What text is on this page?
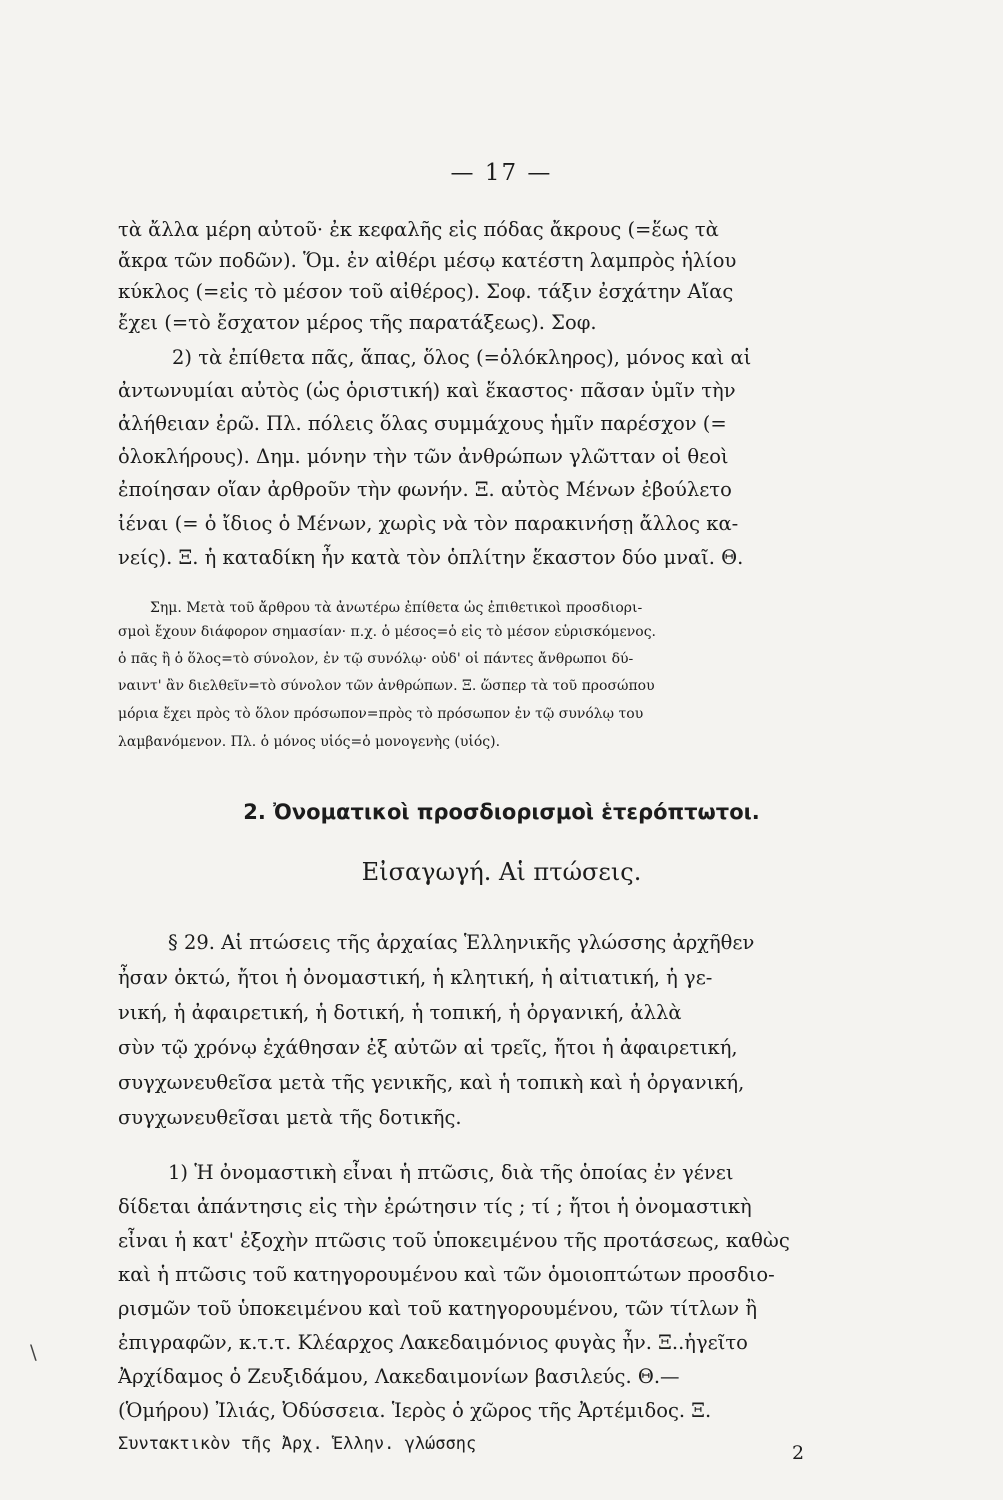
— 17 —
τὰ ἄλλα μέρη αὐτοῦ· ἐκ κεφαλῆς εἰς πόδας ἄκρους (=ἕως τὰ
ἄκρα τῶν ποδῶν). Ὅμ. ἐν αἰθέρι μέσῳ κατέστη λαμπρὸς ἡλίου
κύκλος (=εἰς τὸ μέσον τοῦ αἰθέρος). Σοφ. τάξιν ἐσχάτην Αἴας
ἔχει (=τὸ ἔσχατον μέρος τῆς παρατάξεως). Σοφ.
2) τὰ ἐπίθετα πᾶς, ἅπας, ὅλος (=ὁλόκληρος), μόνος καὶ αἱ
ἀντωνυμίαι αὐτὸς (ὡς ὁριστική) καὶ ἕκαστος· πᾶσαν ὑμῖν τὴν
ἀλήθειαν ἐρῶ. Πλ. πόλεις ὅλας συμμάχους ἡμῖν παρέσχον (=
ὁλοκλήρους). Δημ. μόνην τὴν τῶν ἀνθρώπων γλῶτταν οἱ θεοὶ
ἐποίησαν οἵαν ἀρθροῦν τὴν φωνήν. Ξ. αὐτὸς Μένων ἐβούλετο
ἰέναι (= ὁ ἴδιος ὁ Μένων, χωρὶς νὰ τὸν παρακινήσῃ ἄλλος κα-
νείς). Ξ. ἡ καταδίκη ἦν κατὰ τὸν ὁπλίτην ἕκαστον δύο μναῖ. Θ.
Σημ. Μετὰ τοῦ ἄρθρου τὰ ἀνωτέρω ἐπίθετα ὡς ἐπιθετικοὶ προσδιορι-
σμοὶ ἔχουν διάφορον σημασίαν· π.χ. ὁ μέσος=ὁ εἰς τὸ μέσον εὑρισκόμενος.
ὁ πᾶς ἢ ὁ ὅλος=τὸ σύνολον, ἐν τῷ συνόλῳ· οὐδ' οἱ πάντες ἄνθρωποι δύ-
ναιντ' ἂν διελθεῖν=τὸ σύνολον τῶν ἀνθρώπων. Ξ. ὥσπερ τὰ τοῦ προσώπου
μόρια ἔχει πρὸς τὸ ὅλον πρόσωπον=πρὸς τὸ πρόσωπον ἐν τῷ συνόλῳ του
λαμβανόμενον. Πλ. ὁ μόνος υἱός=ὁ μονογενὴς (υἱός).
2. Ὀνοματικοὶ προσδιορισμοὶ ἑτερόπτωτοι.
Εἰσαγωγή. Αἱ πτώσεις.
§ 29. Αἱ πτώσεις τῆς ἀρχαίας Ἑλληνικῆς γλώσσης ἀρχῆθεν
ἦσαν ὀκτώ, ἤτοι ἡ ὀνομαστική, ἡ κλητική, ἡ αἰτιατική, ἡ γε-
νική, ἡ ἀφαιρετική, ἡ δοτική, ἡ τοπική, ἡ ὀργανική, ἀλλὰ
σὺν τῷ χρόνῳ ἐχάθησαν ἐξ αὐτῶν αἱ τρεῖς, ἤτοι ἡ ἀφαιρετική,
συγχωνευθεῖσα μετὰ τῆς γενικῆς, καὶ ἡ τοπικὴ καὶ ἡ ὀργανική,
συγχωνευθεῖσαι μετὰ τῆς δοτικῆς.
1) Ἡ ὀνομαστικὴ εἶναι ἡ πτῶσις, διὰ τῆς ὁποίας ἐν γένει
δίδεται ἀπάντησις εἰς τὴν ἐρώτησιν τίς ; τί ; ἤτοι ἡ ὀνομαστικὴ
εἶναι ἡ κατ' ἐξοχὴν πτῶσις τοῦ ὑποκειμένου τῆς προτάσεως, καθὼς
καὶ ἡ πτῶσις τοῦ κατηγορουμένου καὶ τῶν ὁμοιοπτώτων προσδιο-
ρισμῶν τοῦ ὑποκειμένου καὶ τοῦ κατηγορουμένου, τῶν τίτλων ἢ
ἐπιγραφῶν, κ.τ.τ. Κλέαρχος Λακεδαιμόνιος φυγὰς ἦν. Ξ..ἡγεῖτο
Ἀρχίδαμος ὁ Ζευξιδάμου, Λακεδαιμονίων βασιλεύς. Θ.—
\
(Ὁμήρου) Ἰλιάς, Ὀδύσσεια. Ἱερὸς ὁ χῶρος τῆς Ἀρτέμιδος. Ξ.
Συντακτικὸν τῆς Ἀρχ. Ἑλλην. γλώσσης	2
